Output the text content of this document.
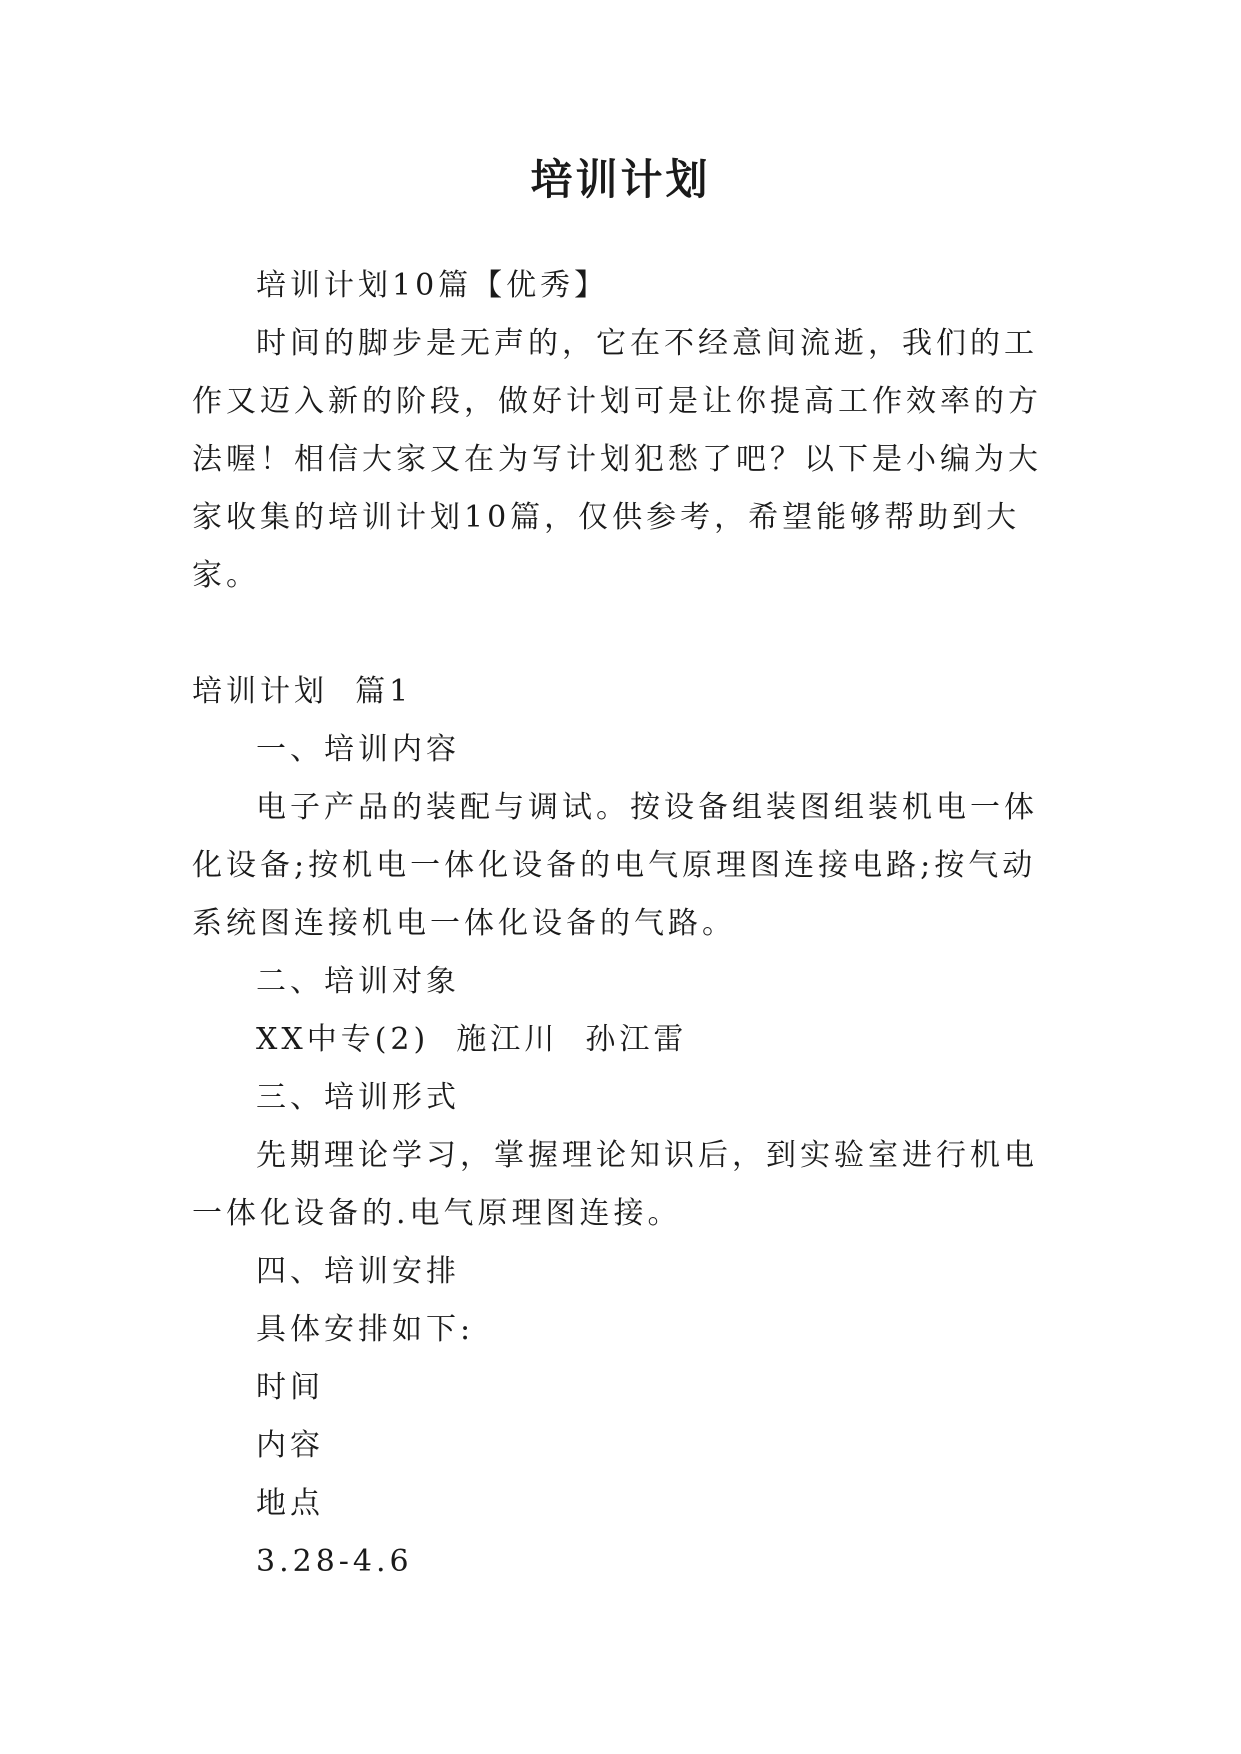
培训计划

培训计划10篇【优秀】

时间的脚步是无声的，它在不经意间流逝，我们的工作又迈入新的阶段，做好计划可是让你提高工作效率的方法喔！相信大家又在为写计划犯愁了吧？以下是小编为大家收集的培训计划10篇，仅供参考，希望能够帮助到大家。

培训计划  篇1

一、培训内容

电子产品的装配与调试。按设备组装图组装机电一体化设备;按机电一体化设备的电气原理图连接电路;按气动系统图连接机电一体化设备的气路。

二、培训对象

XX中专(2)  施江川  孙江雷

三、培训形式

先期理论学习，掌握理论知识后，到实验室进行机电一体化设备的.电气原理图连接。

四、培训安排

具体安排如下:

时间

内容

地点

3.28-4.6
